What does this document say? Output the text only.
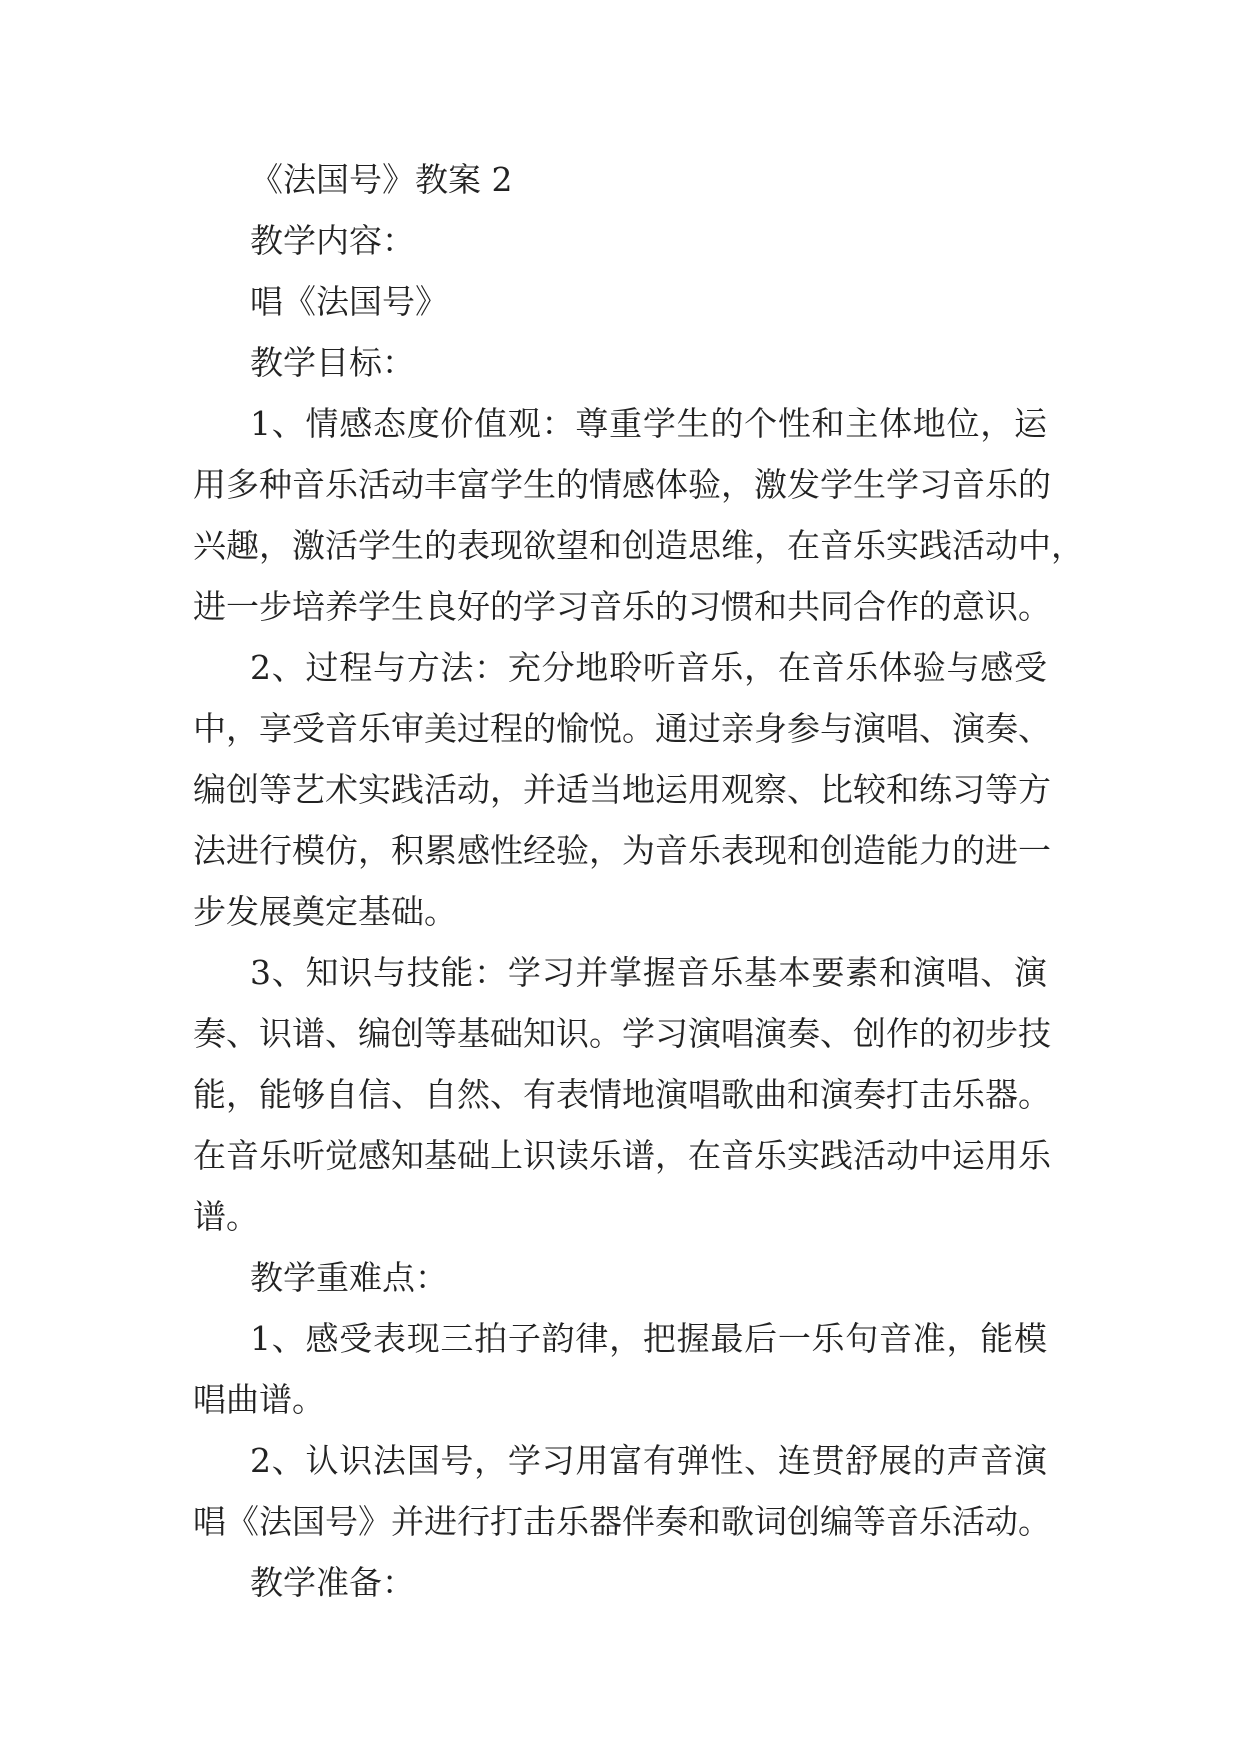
《法国号》教案 2
教学内容：
唱《法国号》
教学目标：
1、情感态度价值观：尊重学生的个性和主体地位，运
用多种音乐活动丰富学生的情感体验，激发学生学习音乐的
兴趣，激活学生的表现欲望和创造思维，在音乐实践活动中，
进一步培养学生良好的学习音乐的习惯和共同合作的意识。
2、过程与方法：充分地聆听音乐，在音乐体验与感受
中，享受音乐审美过程的愉悦。通过亲身参与演唱、演奏、
编创等艺术实践活动，并适当地运用观察、比较和练习等方
法进行模仿，积累感性经验，为音乐表现和创造能力的进一
步发展奠定基础。
3、知识与技能：学习并掌握音乐基本要素和演唱、演
奏、识谱、编创等基础知识。学习演唱演奏、创作的初步技
能，能够自信、自然、有表情地演唱歌曲和演奏打击乐器。
在音乐听觉感知基础上识读乐谱，在音乐实践活动中运用乐
谱。
教学重难点：
1、感受表现三拍子韵律，把握最后一乐句音准，能模
唱曲谱。
2、认识法国号，学习用富有弹性、连贯舒展的声音演
唱《法国号》并进行打击乐器伴奏和歌词创编等音乐活动。
教学准备：
